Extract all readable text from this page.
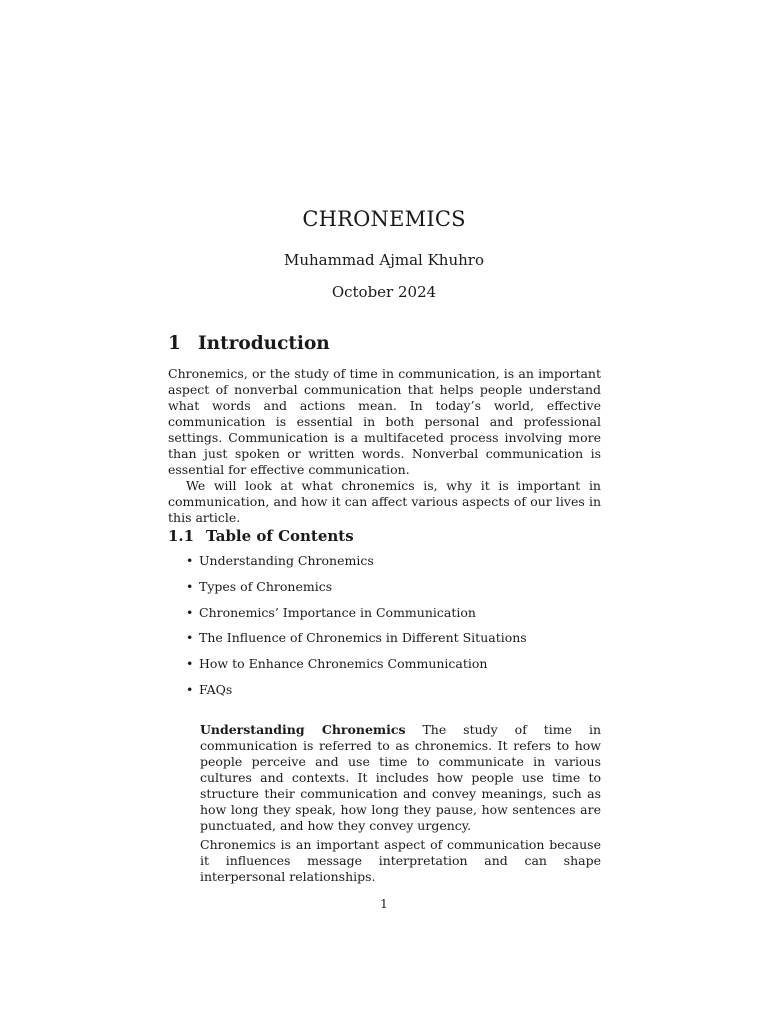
CHRONEMICS
Muhammad Ajmal Khuhro
October 2024
1 Introduction
Chronemics, or the study of time in communication, is an important aspect of nonverbal communication that helps people understand what words and actions mean. In today’s world, effective communication is essential in both personal and professional settings. Communication is a multifaceted process involving more than just spoken or written words. Nonverbal communication is essential for effective communication.
We will look at what chronemics is, why it is important in communication, and how it can affect various aspects of our lives in this article.
1.1 Table of Contents
• Understanding Chronemics
• Types of Chronemics
• Chronemics’ Importance in Communication
• The Influence of Chronemics in Different Situations
• How to Enhance Chronemics Communication
• FAQs
Understanding Chronemics The study of time in communication is referred to as chronemics. It refers to how people perceive and use time to communicate in various cultures and contexts. It includes how people use time to structure their communication and convey meanings, such as how long they speak, how long they pause, how sentences are punctuated, and how they convey urgency.
Chronemics is an important aspect of communication because it influences message interpretation and can shape interpersonal relationships.
1
